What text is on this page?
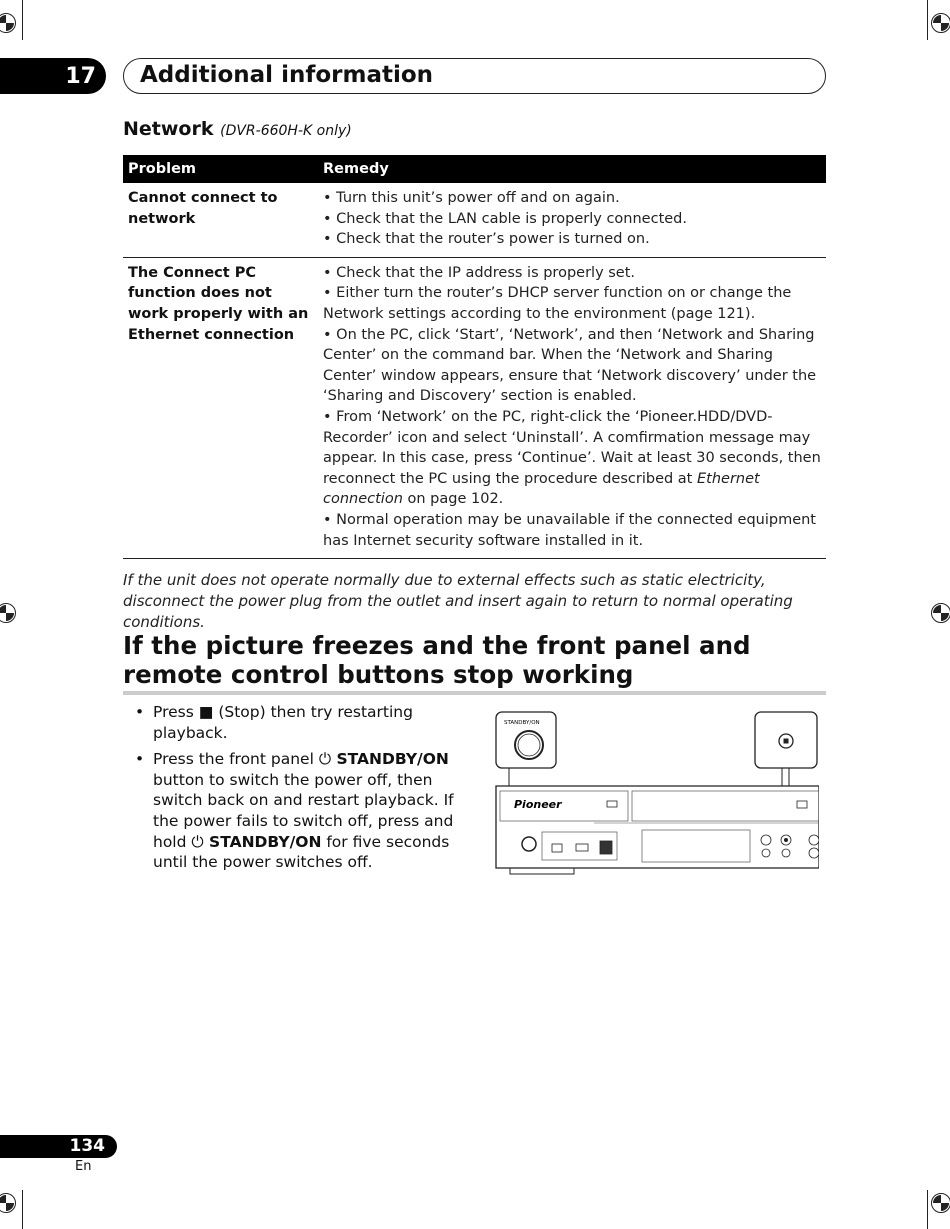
17	Additional information
Network (DVR-660H-K only)
Problem	Remedy
Cannot connect to network	• Turn this unit’s power off and on again.

• Check that the LAN cable is properly connected.

• Check that the router’s power is turned on.

The Connect PC function does not work properly with an Ethernet connection	• Check that the IP address is properly set.

• Either turn the router’s DHCP server function on or change the Network settings according to the environment (page 121).

• On the PC, click ‘Start’, ‘Network’, and then ‘Network and Sharing Center’ on the command bar. When the ‘Network and Sharing Center’ window appears, ensure that ‘Network discovery’ under the ‘Sharing and Discovery’ section is enabled.

• From ‘Network’ on the PC, right-click the ‘Pioneer.HDD/DVD-Recorder’ icon and select ‘Uninstall’. A comfirmation message may appear. In this case, press ‘Continue’. Wait at least 30 seconds, then reconnect the PC using the procedure described at Ethernet connection on page 102.

• Normal operation may be unavailable if the connected equipment has Internet security software installed in it.

If the unit does not operate normally due to external effects such as static electricity, disconnect the power plug from the outlet and insert again to return to normal operating conditions.
If the picture freezes and the front panel and remote control buttons stop working
• Press ■ (Stop) then try restarting playback.
• Press the front panel ⏻ STANDBY/ON button to switch the power off, then switch back on and restart playback. If the power fails to switch off, press and hold ⏻ STANDBY/ON for five seconds until the power switches off.
STANDBY/ON
Pioneer
134
En
